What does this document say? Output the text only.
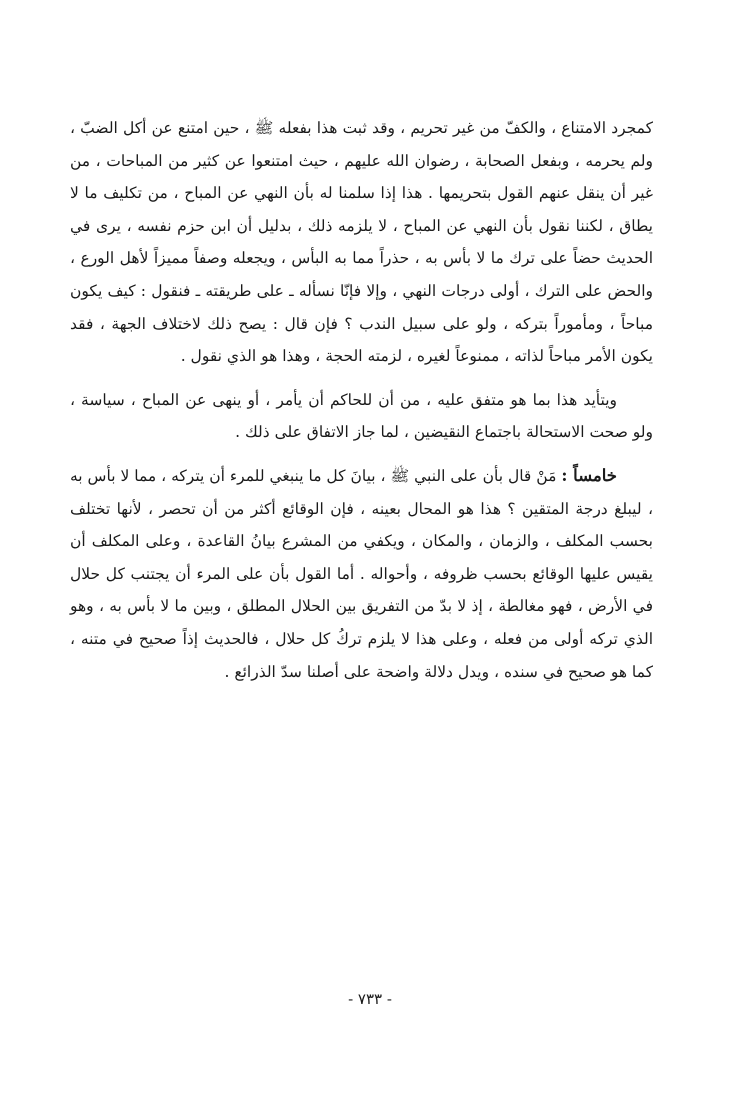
كمجرد الامتناع ، والكفّ من غير تحريم ، وقد ثبت هذا بفعله ﷺ ، حين امتنع عن أكل الضبّ ، ولم يحرمه ، وبفعل الصحابة ، رضوان الله عليهم ، حيث امتنعوا عن كثير من المباحات ، من غير أن ينقل عنهم القول بتحريمها . هذا إذا سلمنا له بأن النهي عن المباح ، من تكليف ما لا يطاق ، لكننا نقول بأن النهي عن المباح ، لا يلزمه ذلك ، بدليل أن ابن حزم نفسه ، يرى في الحديث حضاً على ترك ما لا بأس به ، حذراً مما به البأس ، ويجعله وصفاً مميزاً لأهل الورع ، والحض على الترك ، أولى درجات النهي ، وإلا فإنّا نسأله ـ على طريقته ـ فنقول : كيف يكون مباحاً ، ومأموراً بتركه ، ولو على سبيل الندب ؟ فإن قال : يصح ذلك لاختلاف الجهة ، فقد يكون الأمر مباحاً لذاته ، ممنوعاً لغيره ، لزمته الحجة ، وهذا هو الذي نقول .

ويتأيد هذا بما هو متفق عليه ، من أن للحاكم أن يأمر ، أو ينهى عن المباح ، سياسة ، ولو صحت الاستحالة باجتماع النقيضين ، لما جاز الاتفاق على ذلك .

خامساً : مَنْ قال بأن على النبي ﷺ ، بيانَ كل ما ينبغي للمرء أن يتركه ، مما لا بأس به ، ليبلغ درجة المتقين ؟ هذا هو المحال بعينه ، فإن الوقائع أكثر من أن تحصر ، لأنها تختلف بحسب المكلف ، والزمان ، والمكان ، ويكفي من المشرع بيانُ القاعدة ، وعلى المكلف أن يقيس عليها الوقائع بحسب ظروفه ، وأحواله . أما القول بأن على المرء أن يجتنب كل حلال في الأرض ، فهو مغالطة ، إذ لا بدّ من التفريق بين الحلال المطلق ، وبين ما لا بأس به ، وهو الذي تركه أولى من فعله ، وعلى هذا لا يلزم تركُ كل حلال ، فالحديث إذاً صحيح في متنه ، كما هو صحيح في سنده ، ويدل دلالة واضحة على أصلنا سدّ الذرائع .

- ٧٣٣ -
